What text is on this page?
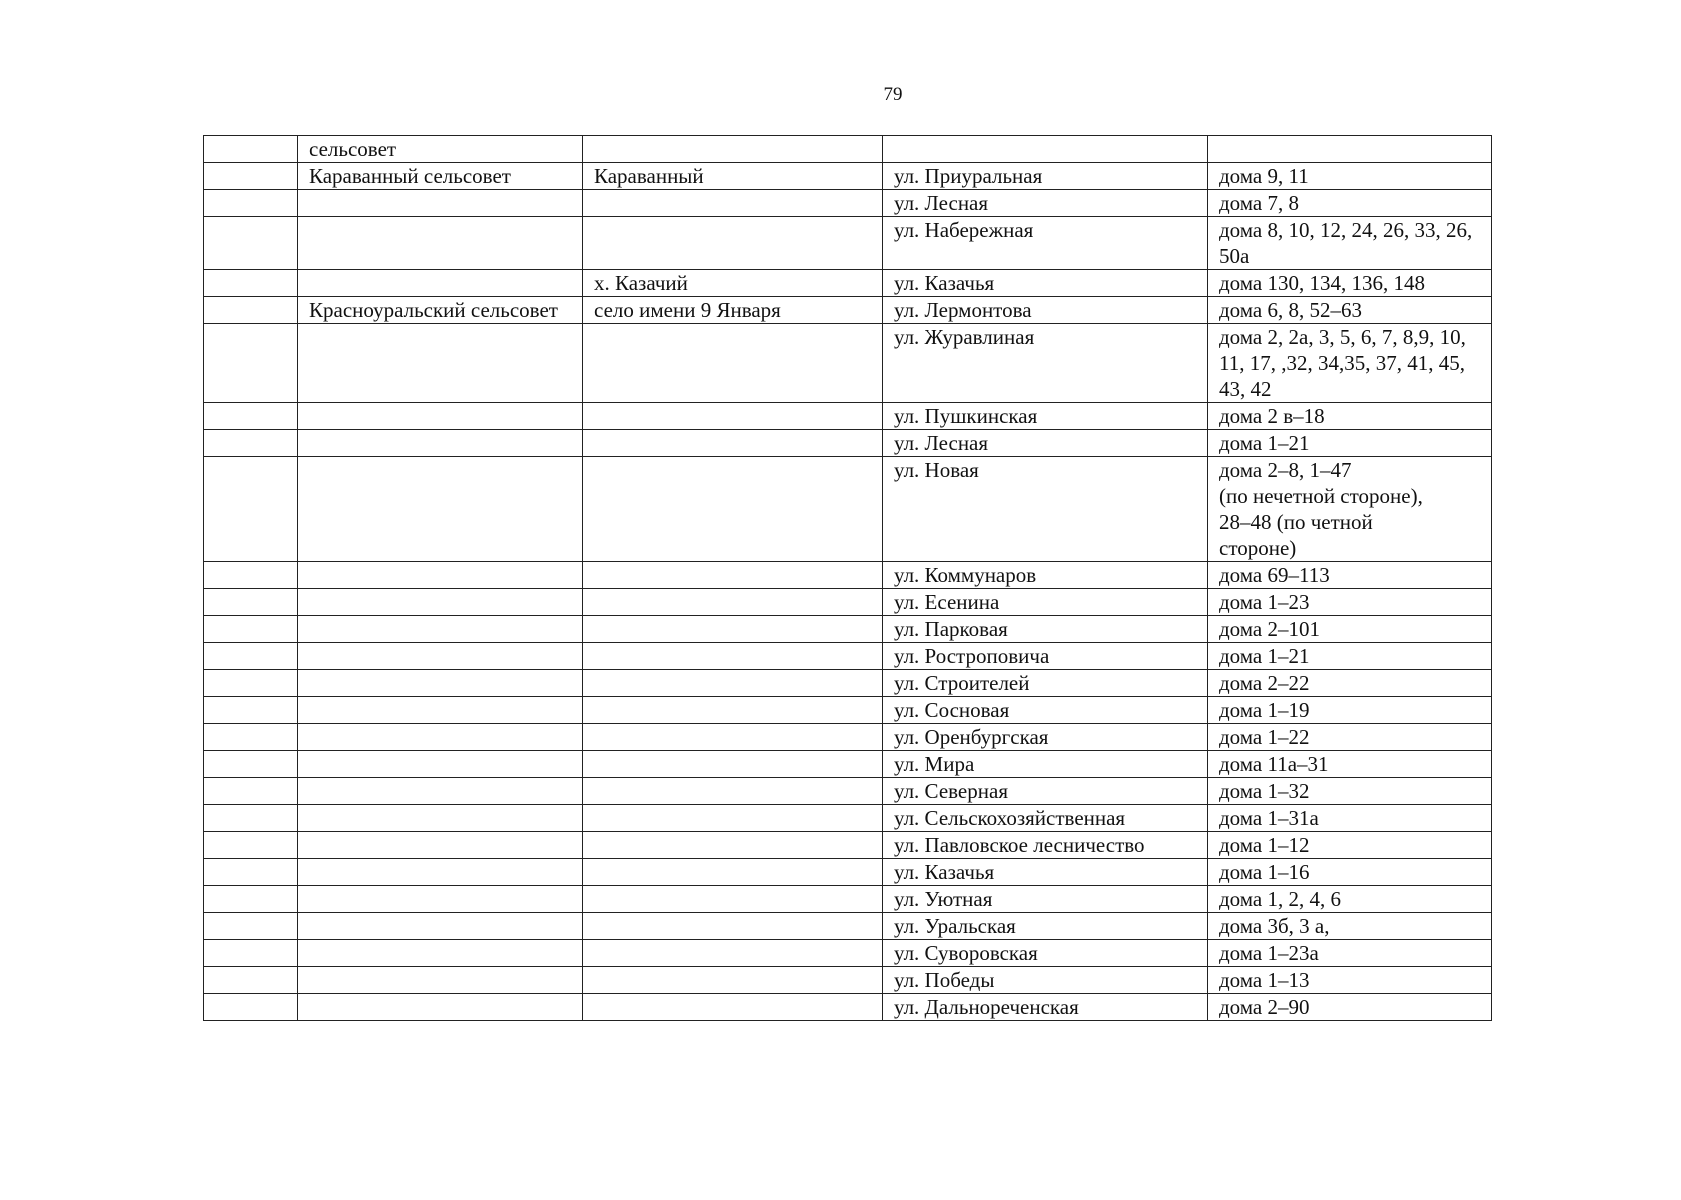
79
	сельсовет			
	Караванный сельсовет	Караванный	ул. Приуральная	дома 9, 11
			ул. Лесная	дома 7, 8
			ул. Набережная	дома 8, 10, 12, 24, 26, 33, 26, 50а
		х. Казачий	ул. Казачья	дома 130, 134, 136, 148
	Красноуральский сельсовет	село имени 9 Января	ул. Лермонтова	дома 6, 8, 52–63
			ул. Журавлиная	дома 2, 2а, 3, 5, 6, 7, 8,9, 10, 11, 17, ,32, 34,35, 37, 41, 45, 43, 42
			ул. Пушкинская	дома 2 в–18
			ул. Лесная	дома 1–21
			ул. Новая	дома 2–8, 1–47
(по нечетной стороне),
28–48 (по четной
стороне)
			ул. Коммунаров	дома 69–113
			ул. Есенина	дома 1–23
			ул. Парковая	дома 2–101
			ул. Ростроповича	дома 1–21
			ул. Строителей	дома 2–22
			ул. Сосновая	дома 1–19
			ул. Оренбургская	дома 1–22
			ул. Мира	дома 11а–31
			ул. Северная	дома 1–32
			ул. Сельскохозяйственная	дома 1–31а
			ул. Павловское лесничество	дома 1–12
			ул. Казачья	дома 1–16
			ул. Уютная	дома 1, 2, 4, 6
			ул. Уральская	дома 3б, 3 а,
			ул. Суворовская	дома 1–23а
			ул. Победы	дома 1–13
			ул. Дальнореченская	дома 2–90
